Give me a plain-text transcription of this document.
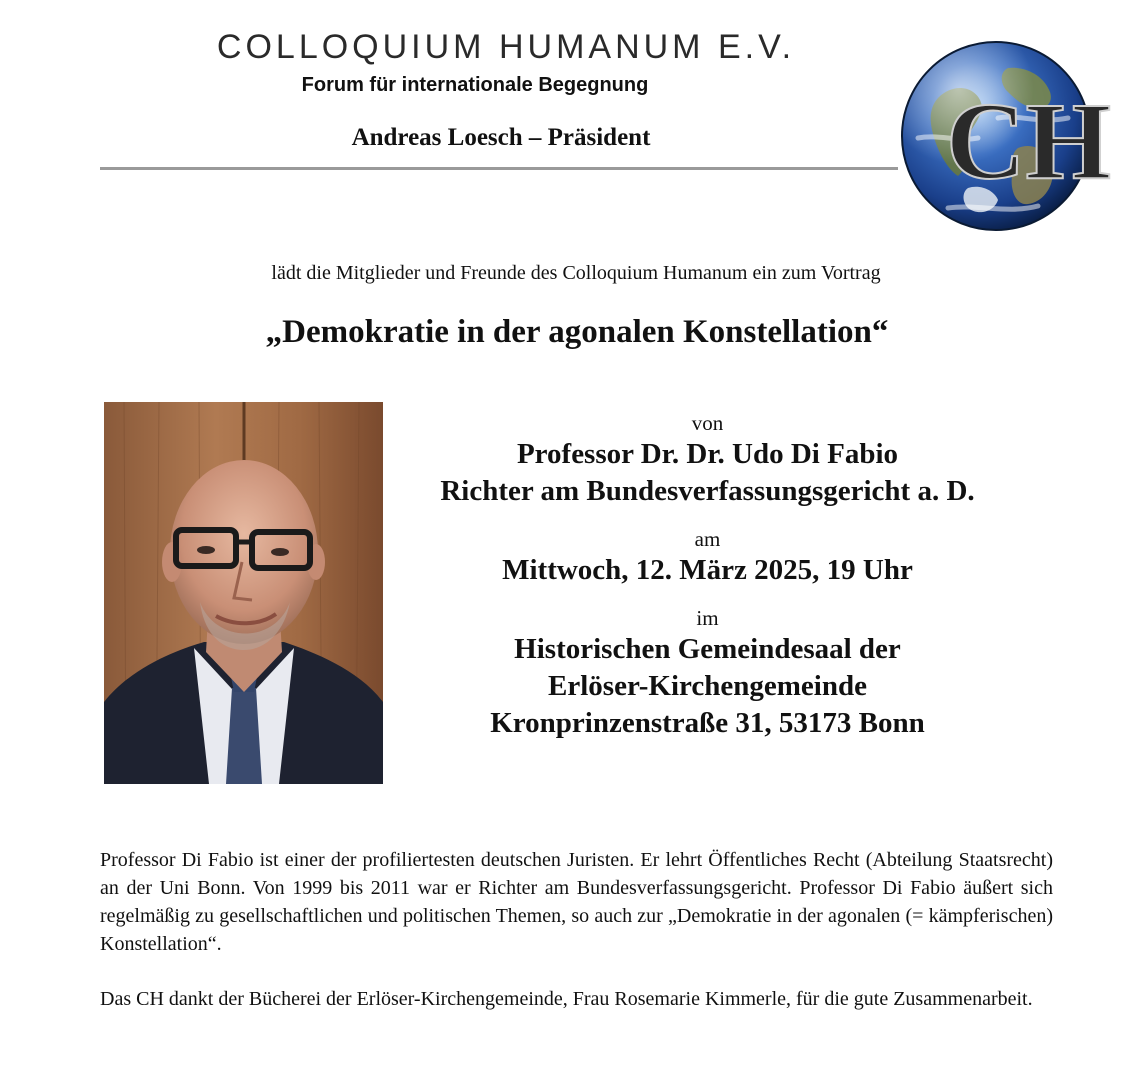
COLLOQUIUM HUMANUM E.V.
Forum für internationale Begegnung
Andreas Loesch – Präsident	CH
lädt die Mitglieder und Freunde des Colloquium Humanum ein zum Vortrag
„Demokratie in der agonalen Konstellation“
von
Professor Dr. Dr. Udo Di Fabio
Richter am Bundesverfassungsgericht a. D.
am
Mittwoch, 12. März 2025, 19 Uhr
im
Historischen Gemeindesaal der
Erlöser-Kirchengemeinde
Kronprinzenstraße 31, 53173 Bonn
Professor Di Fabio ist einer der profiliertesten deutschen Juristen. Er lehrt Öffentliches Recht (Abteilung Staatsrecht) an der Uni Bonn. Von 1999 bis 2011 war er Richter am Bundesverfassungsgericht. Professor Di Fabio äußert sich regelmäßig zu gesellschaftlichen und politischen Themen, so auch zur „Demokratie in der agonalen (= kämpferischen) Konstellation“.
Das CH dankt der Bücherei der Erlöser-Kirchengemeinde, Frau Rosemarie Kimmerle, für die gute Zusammenarbeit.
